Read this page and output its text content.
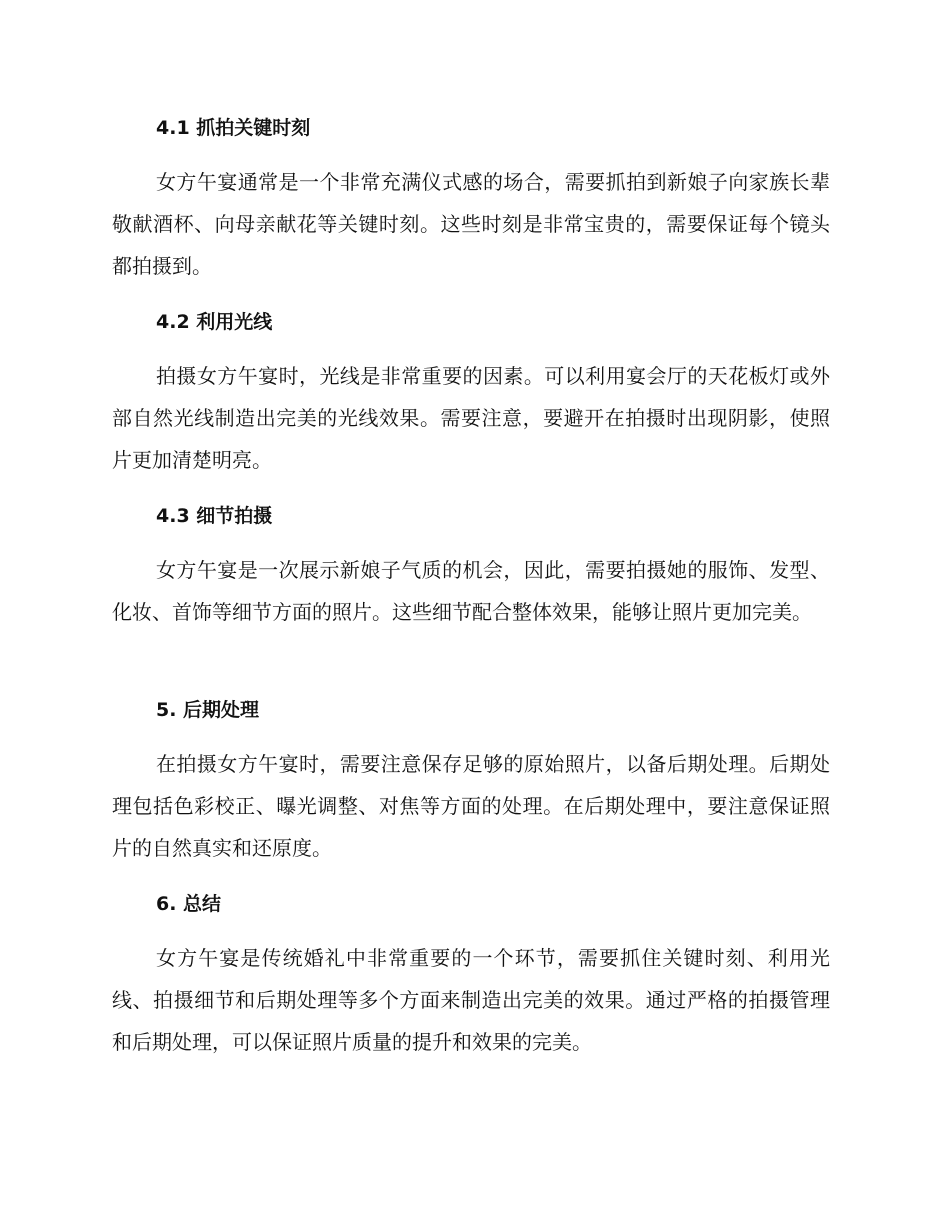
4.1 抓拍关键时刻
女方午宴通常是一个非常充满仪式感的场合，需要抓拍到新娘子向家族长辈敬献酒杯、向母亲献花等关键时刻。这些时刻是非常宝贵的，需要保证每个镜头都拍摄到。
4.2 利用光线
拍摄女方午宴时，光线是非常重要的因素。可以利用宴会厅的天花板灯或外部自然光线制造出完美的光线效果。需要注意，要避开在拍摄时出现阴影，使照片更加清楚明亮。
4.3 细节拍摄
女方午宴是一次展示新娘子气质的机会，因此，需要拍摄她的服饰、发型、化妆、首饰等细节方面的照片。这些细节配合整体效果，能够让照片更加完美。
5. 后期处理
在拍摄女方午宴时，需要注意保存足够的原始照片，以备后期处理。后期处理包括色彩校正、曝光调整、对焦等方面的处理。在后期处理中，要注意保证照片的自然真实和还原度。
6. 总结
女方午宴是传统婚礼中非常重要的一个环节，需要抓住关键时刻、利用光线、拍摄细节和后期处理等多个方面来制造出完美的效果。通过严格的拍摄管理和后期处理，可以保证照片质量的提升和效果的完美。
